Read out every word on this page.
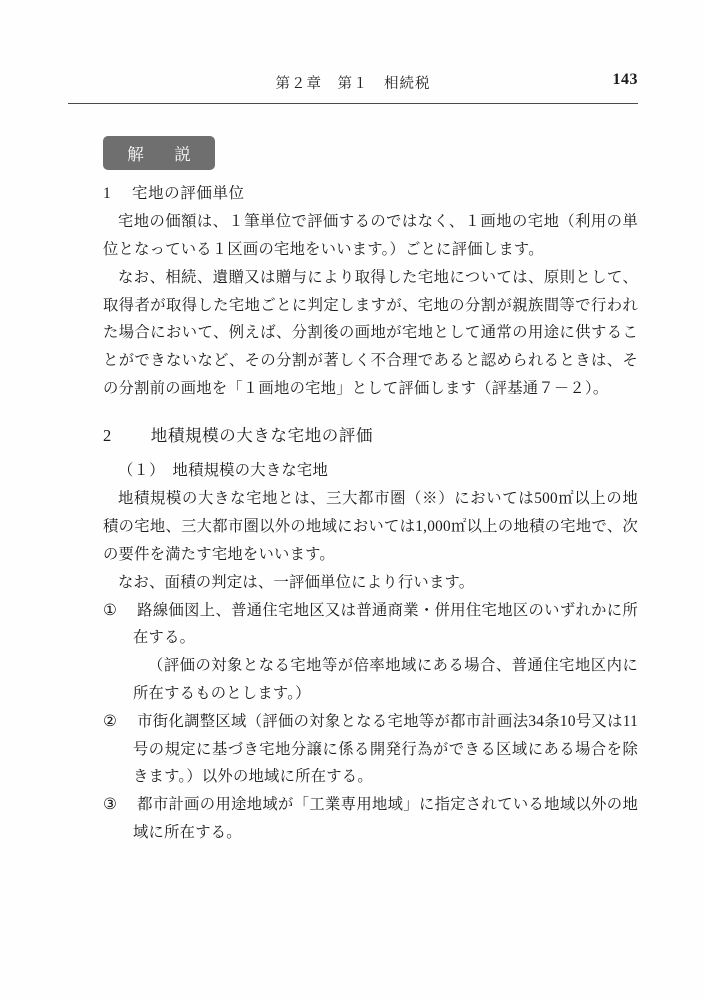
第２章　第１　相続税	143
解　説
1 　 宅地の評価単位

宅地の価額は、１筆単位で評価するのではなく、１画地の宅地（利用の単位となっている１区画の宅地をいいます。）ごとに評価します。

なお、相続、遺贈又は贈与により取得した宅地については、原則として、取得者が取得した宅地ごとに判定しますが、宅地の分割が親族間等で行われた場合において、例えば、分割後の画地が宅地として通常の用途に供することができないなど、その分割が著しく不合理であると認められるときは、その分割前の画地を「１画地の宅地」として評価します（評基通７－２）。

2 　　 地積規模の大きな宅地の評価

（１）　地積規模の大きな宅地

地積規模の大きな宅地とは、三大都市圏（※）においては500㎡以上の地積の宅地、三大都市圏以外の地域においては1,000㎡以上の地積の宅地で、次の要件を満たす宅地をいいます。

なお、面積の判定は、一評価単位により行います。

① 　 路線価図上、普通住宅地区又は普通商業・併用住宅地区のいずれかに所在する。

（評価の対象となる宅地等が倍率地域にある場合、普通住宅地区内に所在するものとします。）

② 　 市街化調整区域（評価の対象となる宅地等が都市計画法34条10号又は11号の規定に基づき宅地分譲に係る開発行為ができる区域にある場合を除きます。）以外の地域に所在する。

③ 　 都市計画の用途地域が「工業専用地域」に指定されている地域以外の地域に所在する。
